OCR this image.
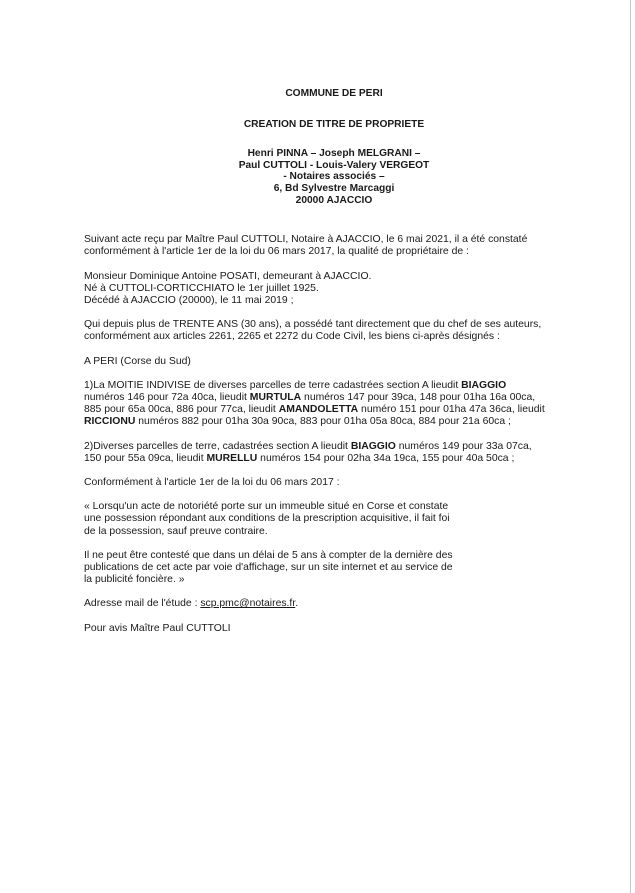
COMMUNE DE PERI
CREATION DE TITRE DE PROPRIETE
Henri PINNA – Joseph MELGRANI –
Paul CUTTOLI - Louis-Valery VERGEOT
- Notaires associés –
6, Bd Sylvestre Marcaggi
20000 AJACCIO

Suivant acte reçu par Maître Paul CUTTOLI, Notaire à AJACCIO, le 6 mai 2021, il a été constaté
conformément à l'article 1er de la loi du 06 mars 2017, la qualité de propriétaire de :

Monsieur Dominique Antoine POSATI, demeurant à AJACCIO.
Né à CUTTOLI-CORTICCHIATO le 1er juillet 1925.
Décédé à AJACCIO (20000), le 11 mai 2019 ;

Qui depuis plus de TRENTE ANS (30 ans), a possédé tant directement que du chef de ses auteurs,
conformément aux articles 2261, 2265 et 2272 du Code Civil, les biens ci-après désignés :

A PERI (Corse du Sud)

1)La MOITIE INDIVISE de diverses parcelles de terre cadastrées section A lieudit BIAGGIO
numéros 146 pour 72a 40ca, lieudit MURTULA numéros 147 pour 39ca, 148 pour 01ha 16a 00ca,
885 pour 65a 00ca, 886 pour 77ca, lieudit AMANDOLETTA numéro 151 pour 01ha 47a 36ca, lieudit
RICCIONU numéros 882 pour 01ha 30a 90ca, 883 pour 01ha 05a 80ca, 884 pour 21a 60ca ;

2)Diverses parcelles de terre, cadastrées section A lieudit BIAGGIO numéros 149 pour 33a 07ca,
150 pour 55a 09ca, lieudit MURELLU numéros 154 pour 02ha 34a 19ca, 155 pour 40a 50ca ;

Conformément à l'article 1er de la loi du 06 mars 2017 :

« Lorsqu'un acte de notoriété porte sur un immeuble situé en Corse et constate
une possession répondant aux conditions de la prescription acquisitive, il fait foi
de la possession, sauf preuve contraire.

Il ne peut être contesté que dans un délai de 5 ans à compter de la dernière des
publications de cet acte par voie d'affichage, sur un site internet et au service de
la publicité foncière. »

Adresse mail de l'étude : scp.pmc@notaires.fr.

Pour avis Maître Paul CUTTOLI
